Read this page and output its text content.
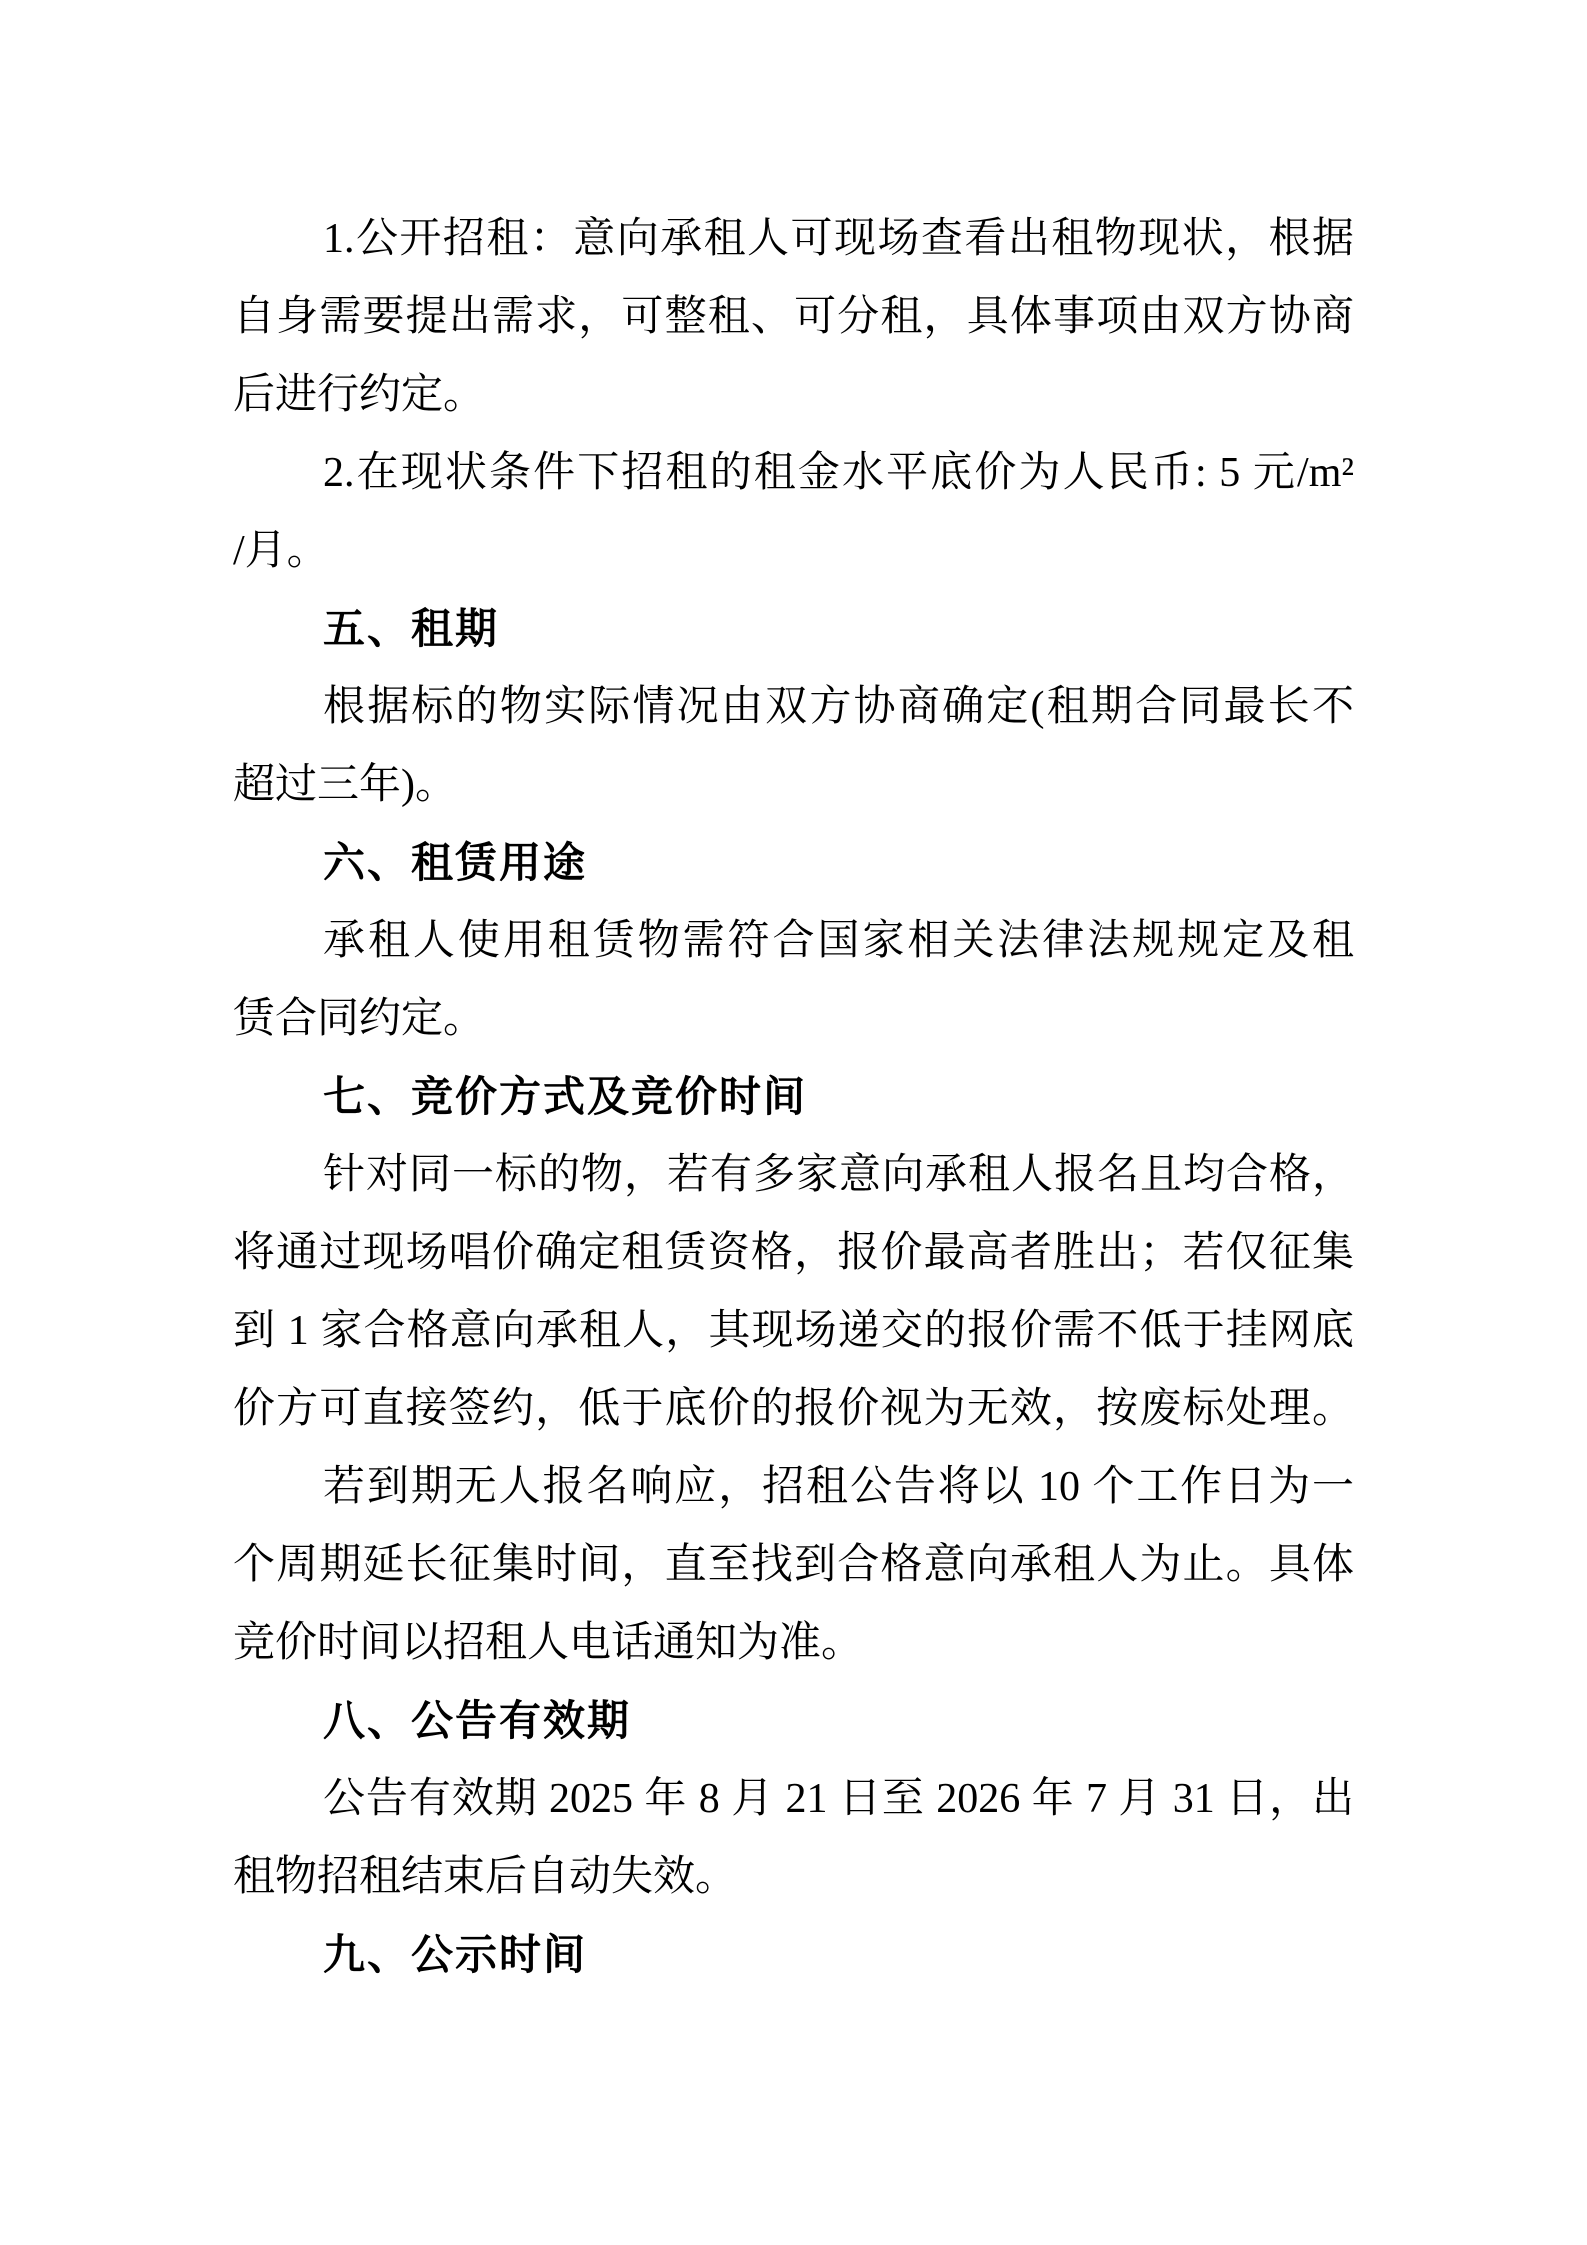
1.公开招租：意向承租人可现场查看出租物现状，根据
自身需要提出需求，可整租、可分租，具体事项由双方协商
后进行约定。
2.在现状条件下招租的租金水平底价为人民币: 5 元/m²
/月。
五、租期
根据标的物实际情况由双方协商确定(租期合同最长不
超过三年)。
六、租赁用途
承租人使用租赁物需符合国家相关法律法规规定及租
赁合同约定。
七、竞价方式及竞价时间
针对同一标的物，若有多家意向承租人报名且均合格，
将通过现场唱价确定租赁资格，报价最高者胜出；若仅征集
到 1 家合格意向承租人，其现场递交的报价需不低于挂网底
价方可直接签约，低于底价的报价视为无效，按废标处理。
若到期无人报名响应，招租公告将以 10 个工作日为一
个周期延长征集时间，直至找到合格意向承租人为止。具体
竞价时间以招租人电话通知为准。
八、公告有效期
公告有效期 2025 年 8 月 21 日至 2026 年 7 月 31 日，出
租物招租结束后自动失效。
九、公示时间
